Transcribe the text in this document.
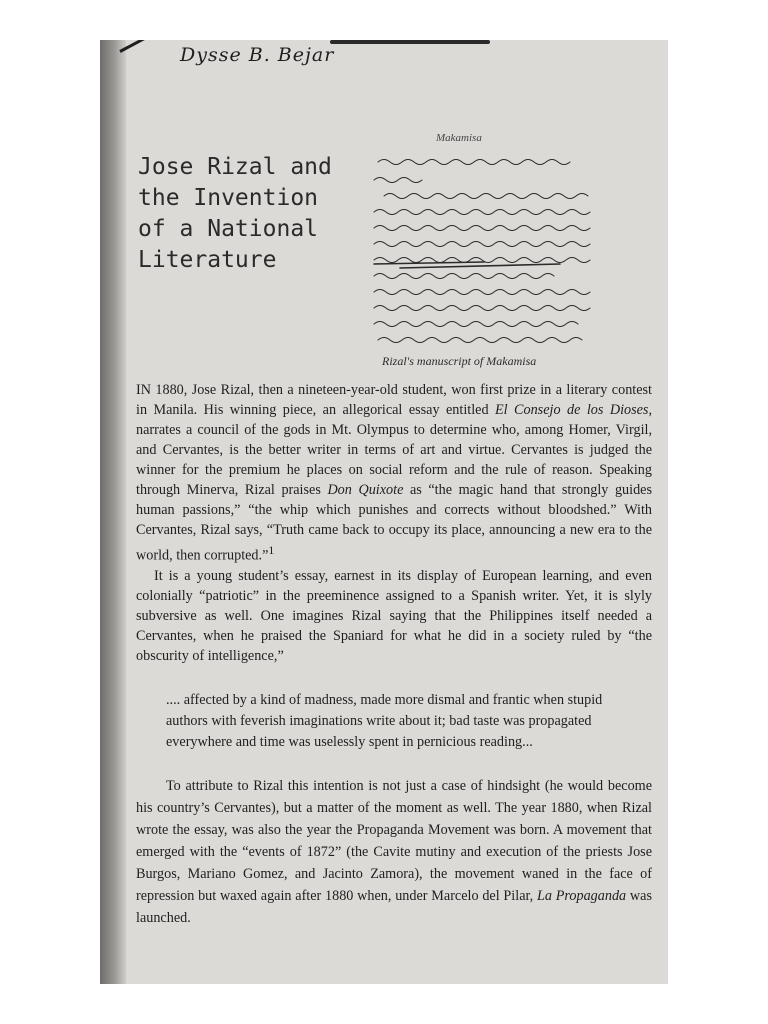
Dysse B. Bejar
Jose Rizal and
the Invention
of a National
Literature
Makamisa
Rizal's manuscript of Makamisa

IN 1880, Jose Rizal, then a nineteen-year-old student, won first prize in a literary contest in Manila. His winning piece, an allegorical essay entitled El Consejo de los Dioses, narrates a council of the gods in Mt. Olympus to determine who, among Homer, Virgil, and Cervantes, is the better writer in terms of art and virtue. Cervantes is judged the winner for the premium he places on social reform and the rule of reason. Speaking through Minerva, Rizal praises Don Quixote as “the magic hand that strongly guides human passions,” “the whip which punishes and corrects without bloodshed.” With Cervantes, Rizal says, “Truth came back to occupy its place, announcing a new era to the world, then corrupted.”$^1$

It is a young student’s essay, earnest in its display of European learning, and even colonially “patriotic” in the preeminence assigned to a Spanish writer. Yet, it is slyly subversive as well. One imagines Rizal saying that the Philippines itself needed a Cervantes, when he praised the Spaniard for what he did in a society ruled by “the obscurity of intelligence,”

.... affected by a kind of madness, made more dismal and frantic when stupid authors with feverish imaginations write about it; bad taste was propagated everywhere and time was uselessly spent in pernicious reading...

To attribute to Rizal this intention is not just a case of hindsight (he would become his country’s Cervantes), but a matter of the moment as well. The year 1880, when Rizal wrote the essay, was also the year the Propaganda Movement was born. A movement that emerged with the “events of 1872” (the Cavite mutiny and execution of the priests Jose Burgos, Mariano Gomez, and Jacinto Zamora), the movement waned in the face of repression but waxed again after 1880 when, under Marcelo del Pilar, La Propaganda was launched.
